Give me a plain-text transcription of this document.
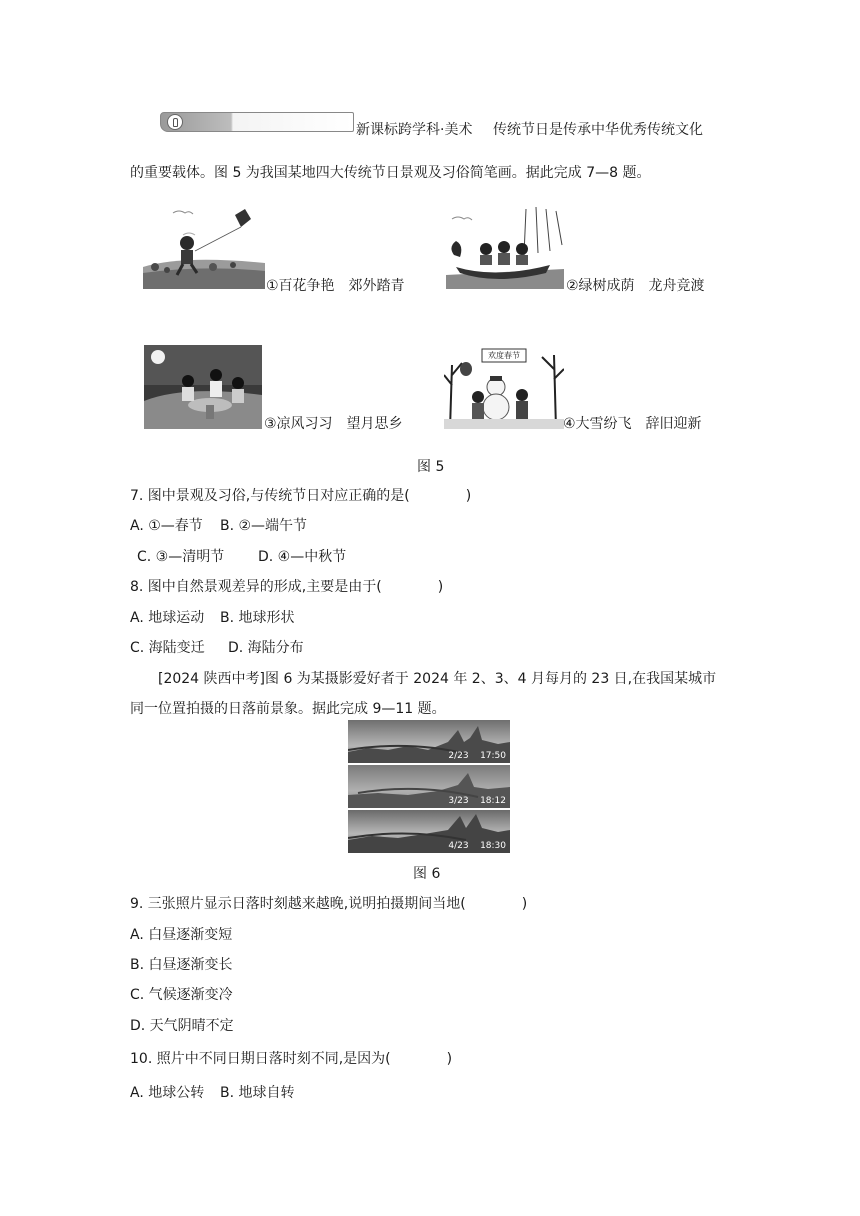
新课标跨学科·美术 传统节日是传承中华优秀传统文化
的重要载体。图 5 为我国某地四大传统节日景观及习俗简笔画。据此完成 7—8 题。
①百花争艳　郊外踏青	②绿树成荫　龙舟竞渡
③凉风习习　望月思乡
欢度春节
④大雪纷飞　辞旧迎新
图 5
7. 图中景观及习俗,与传统节日对应正确的是(　　　　)
A. ①—春节 B. ②—端午节
C. ③—清明节 D. ④—中秋节
8. 图中自然景观差异的形成,主要是由于(　　　　)
A. 地球运动 B. 地球形状
C. 海陆变迁 D. 海陆分布
[2024 陕西中考]图 6 为某摄影爱好者于 2024 年 2、3、4 月每月的 23 日,在我国某城市
同一位置拍摄的日落前景象。据此完成 9—11 题。
2/23 17:50
3/23 18:12
4/23 18:30
图 6
9. 三张照片显示日落时刻越来越晚,说明拍摄期间当地(　　　　)
A. 白昼逐渐变短
B. 白昼逐渐变长
C. 气候逐渐变冷
D. 天气阴晴不定
10. 照片中不同日期日落时刻不同,是因为(　　　　)
A. 地球公转 B. 地球自转
